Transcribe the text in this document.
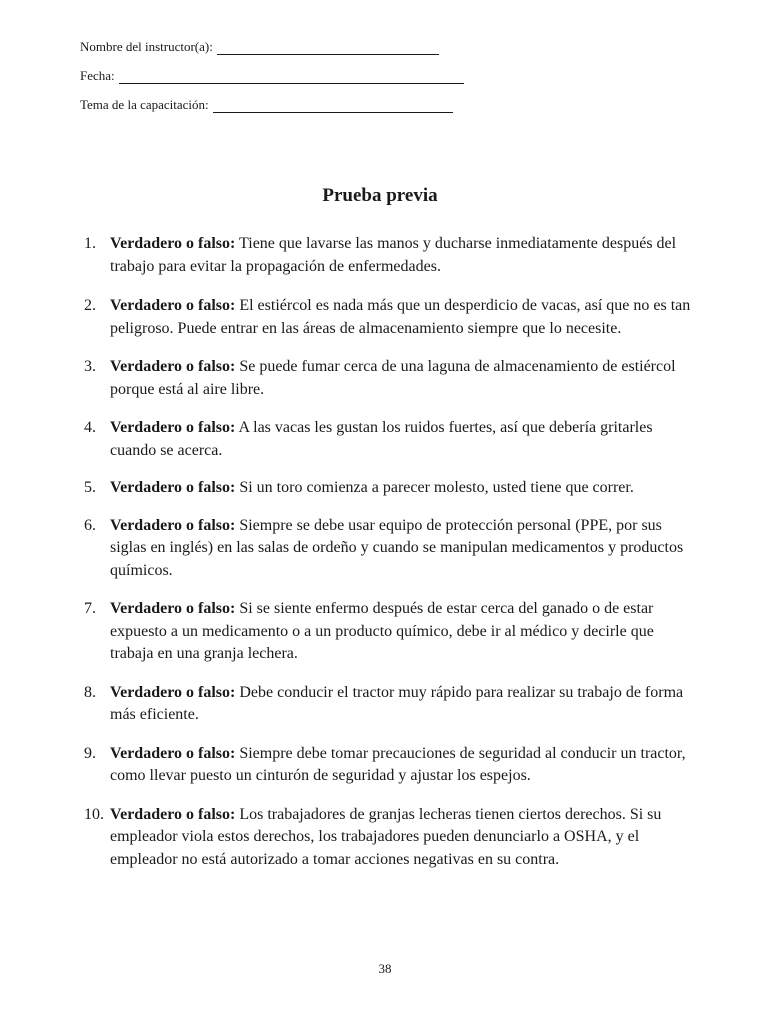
Nombre del instructor(a):
Fecha:
Tema de la capacitación:
Prueba previa
1. Verdadero o falso: Tiene que lavarse las manos y ducharse inmediatamente después del trabajo para evitar la propagación de enfermedades.
2. Verdadero o falso: El estiércol es nada más que un desperdicio de vacas, así que no es tan peligroso. Puede entrar en las áreas de almacenamiento siempre que lo necesite.
3. Verdadero o falso: Se puede fumar cerca de una laguna de almacenamiento de estiércol porque está al aire libre.
4. Verdadero o falso: A las vacas les gustan los ruidos fuertes, así que debería gritarles cuando se acerca.
5. Verdadero o falso: Si un toro comienza a parecer molesto, usted tiene que correr.
6. Verdadero o falso: Siempre se debe usar equipo de protección personal (PPE, por sus siglas en inglés) en las salas de ordeño y cuando se manipulan medicamentos y productos químicos.
7. Verdadero o falso: Si se siente enfermo después de estar cerca del ganado o de estar expuesto a un medicamento o a un producto químico, debe ir al médico y decirle que trabaja en una granja lechera.
8. Verdadero o falso: Debe conducir el tractor muy rápido para realizar su trabajo de forma más eficiente.
9. Verdadero o falso: Siempre debe tomar precauciones de seguridad al conducir un tractor, como llevar puesto un cinturón de seguridad y ajustar los espejos.
10. Verdadero o falso: Los trabajadores de granjas lecheras tienen ciertos derechos. Si su empleador viola estos derechos, los trabajadores pueden denunciarlo a OSHA, y el empleador no está autorizado a tomar acciones negativas en su contra.
38
